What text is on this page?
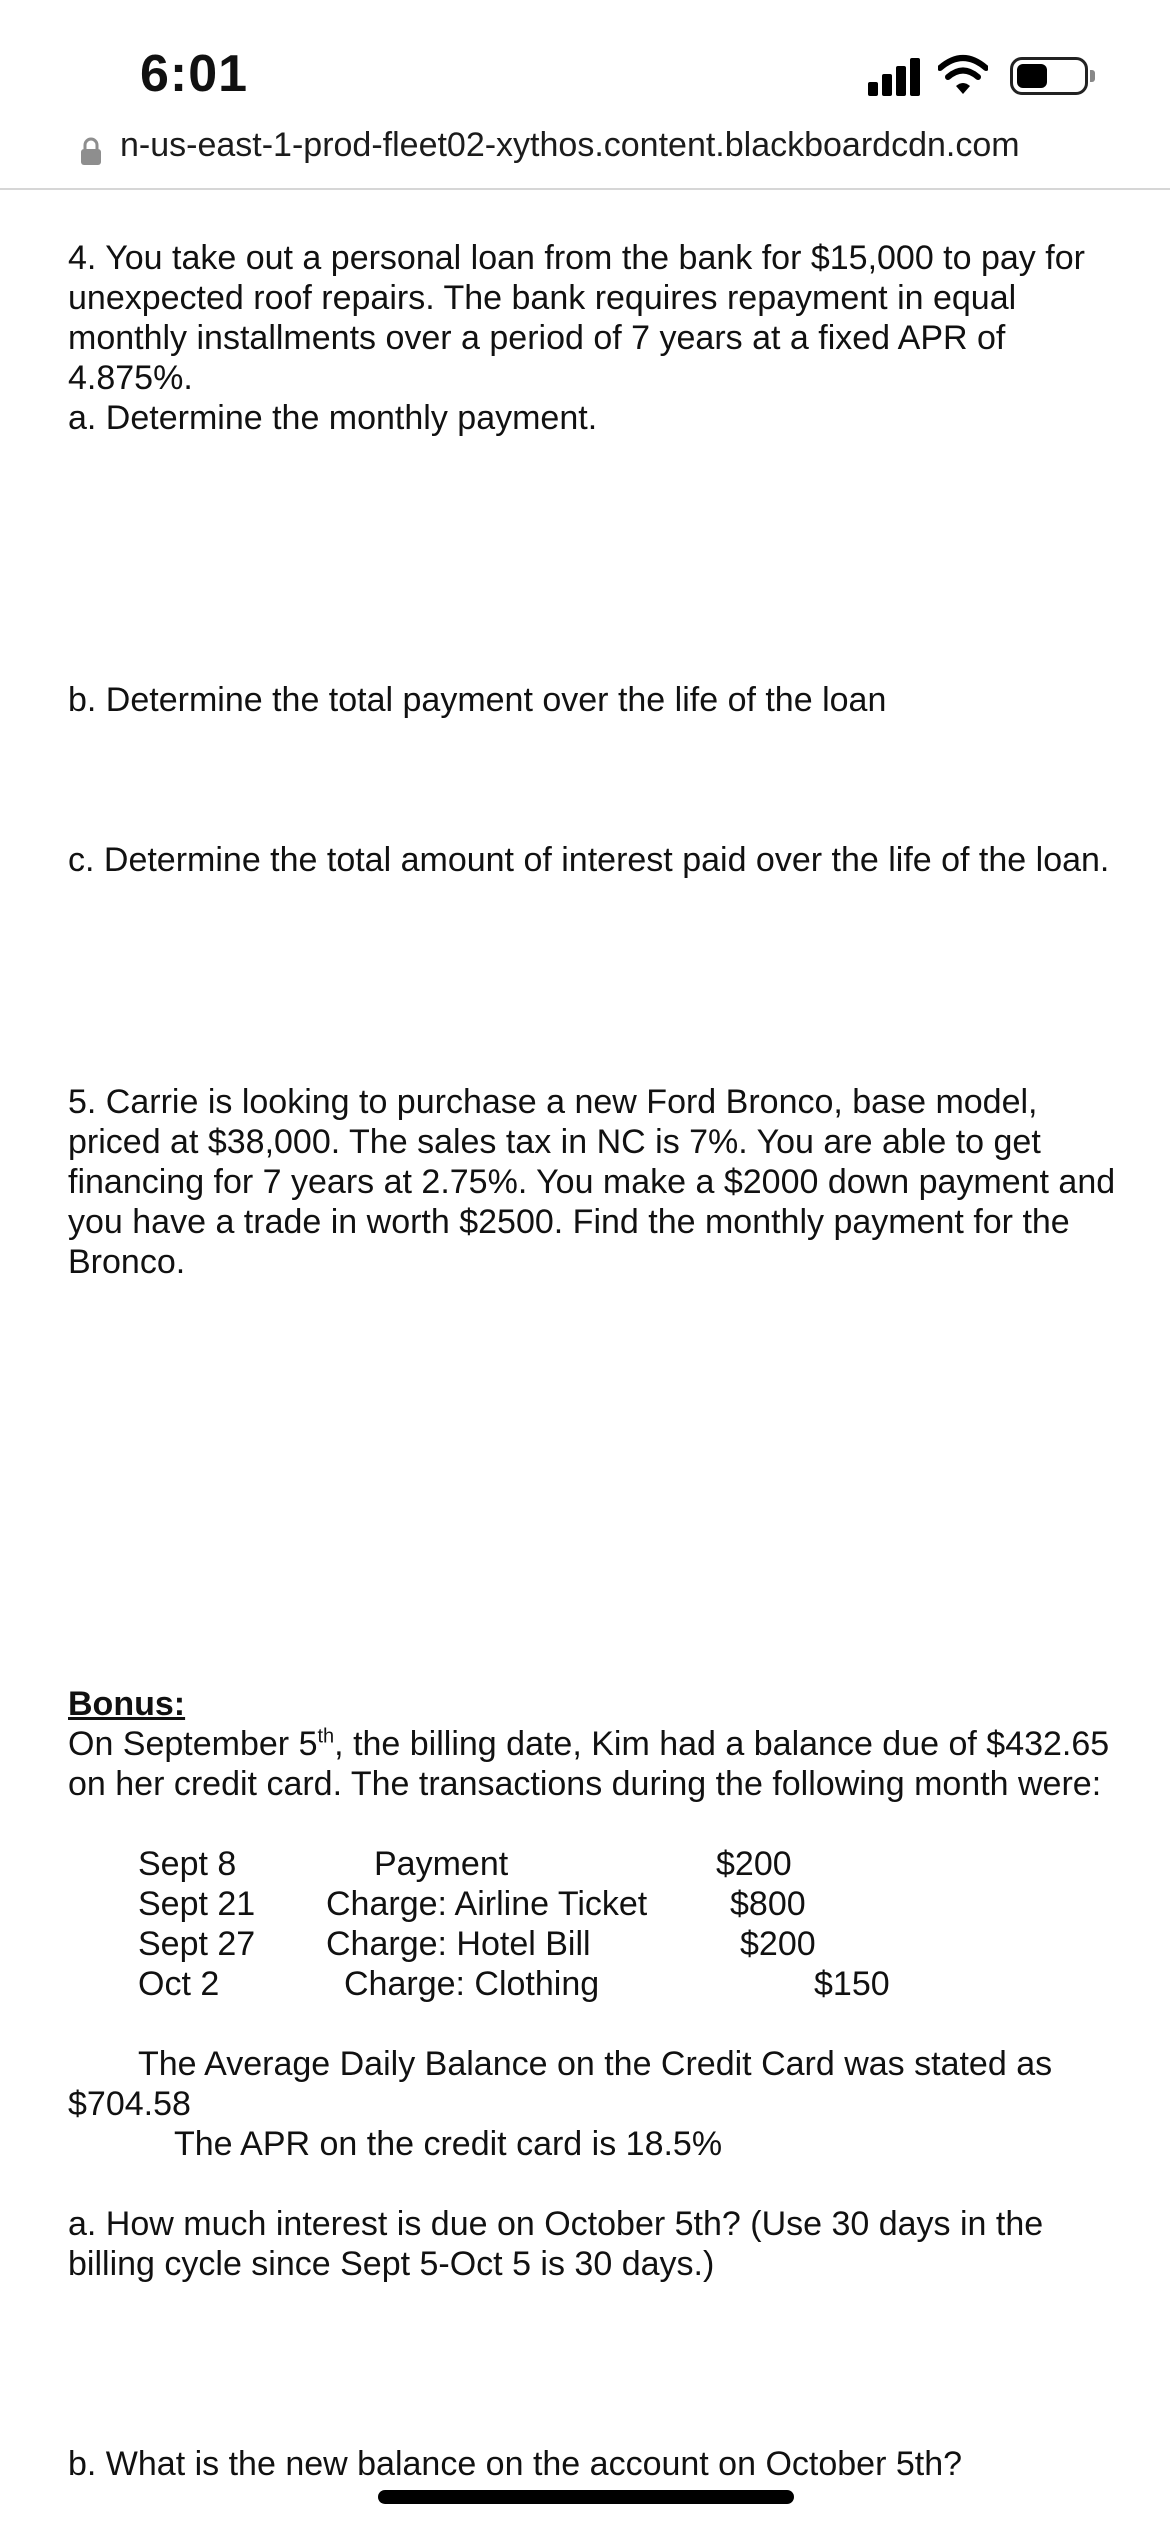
6:01
n-us-east-1-prod-fleet02-xythos.content.blackboardcdn.com

4. You take out a personal loan from the bank for $15,000 to pay for unexpected roof repairs. The bank requires repayment in equal monthly installments over a period of 7 years at a fixed APR of 4.875%.

a. Determine the monthly payment.

b. Determine the total payment over the life of the loan

c. Determine the total amount of interest paid over the life of the loan.

5. Carrie is looking to purchase a new Ford Bronco, base model, priced at $38,000. The sales tax in NC is 7%. You are able to get financing for 7 years at 2.75%. You make a $2000 down payment and you have a trade in worth $2500. Find the monthly payment for the Bronco.

Bonus:

On September 5th, the billing date, Kim had a balance due of $432.65 on her credit card. The transactions during the following month were:

Sept 8	Payment	$200
Sept 21 Charge: Airline Ticket $800
Sept 27 Charge: Hotel Bill	$200
Oct 2	Charge: Clothing	$150

The Average Daily Balance on the Credit Card was stated as $704.58

The APR on the credit card is 18.5%

a. How much interest is due on October 5th? (Use 30 days in the billing cycle since Sept 5-Oct 5 is 30 days.)

b. What is the new balance on the account on October 5th?
